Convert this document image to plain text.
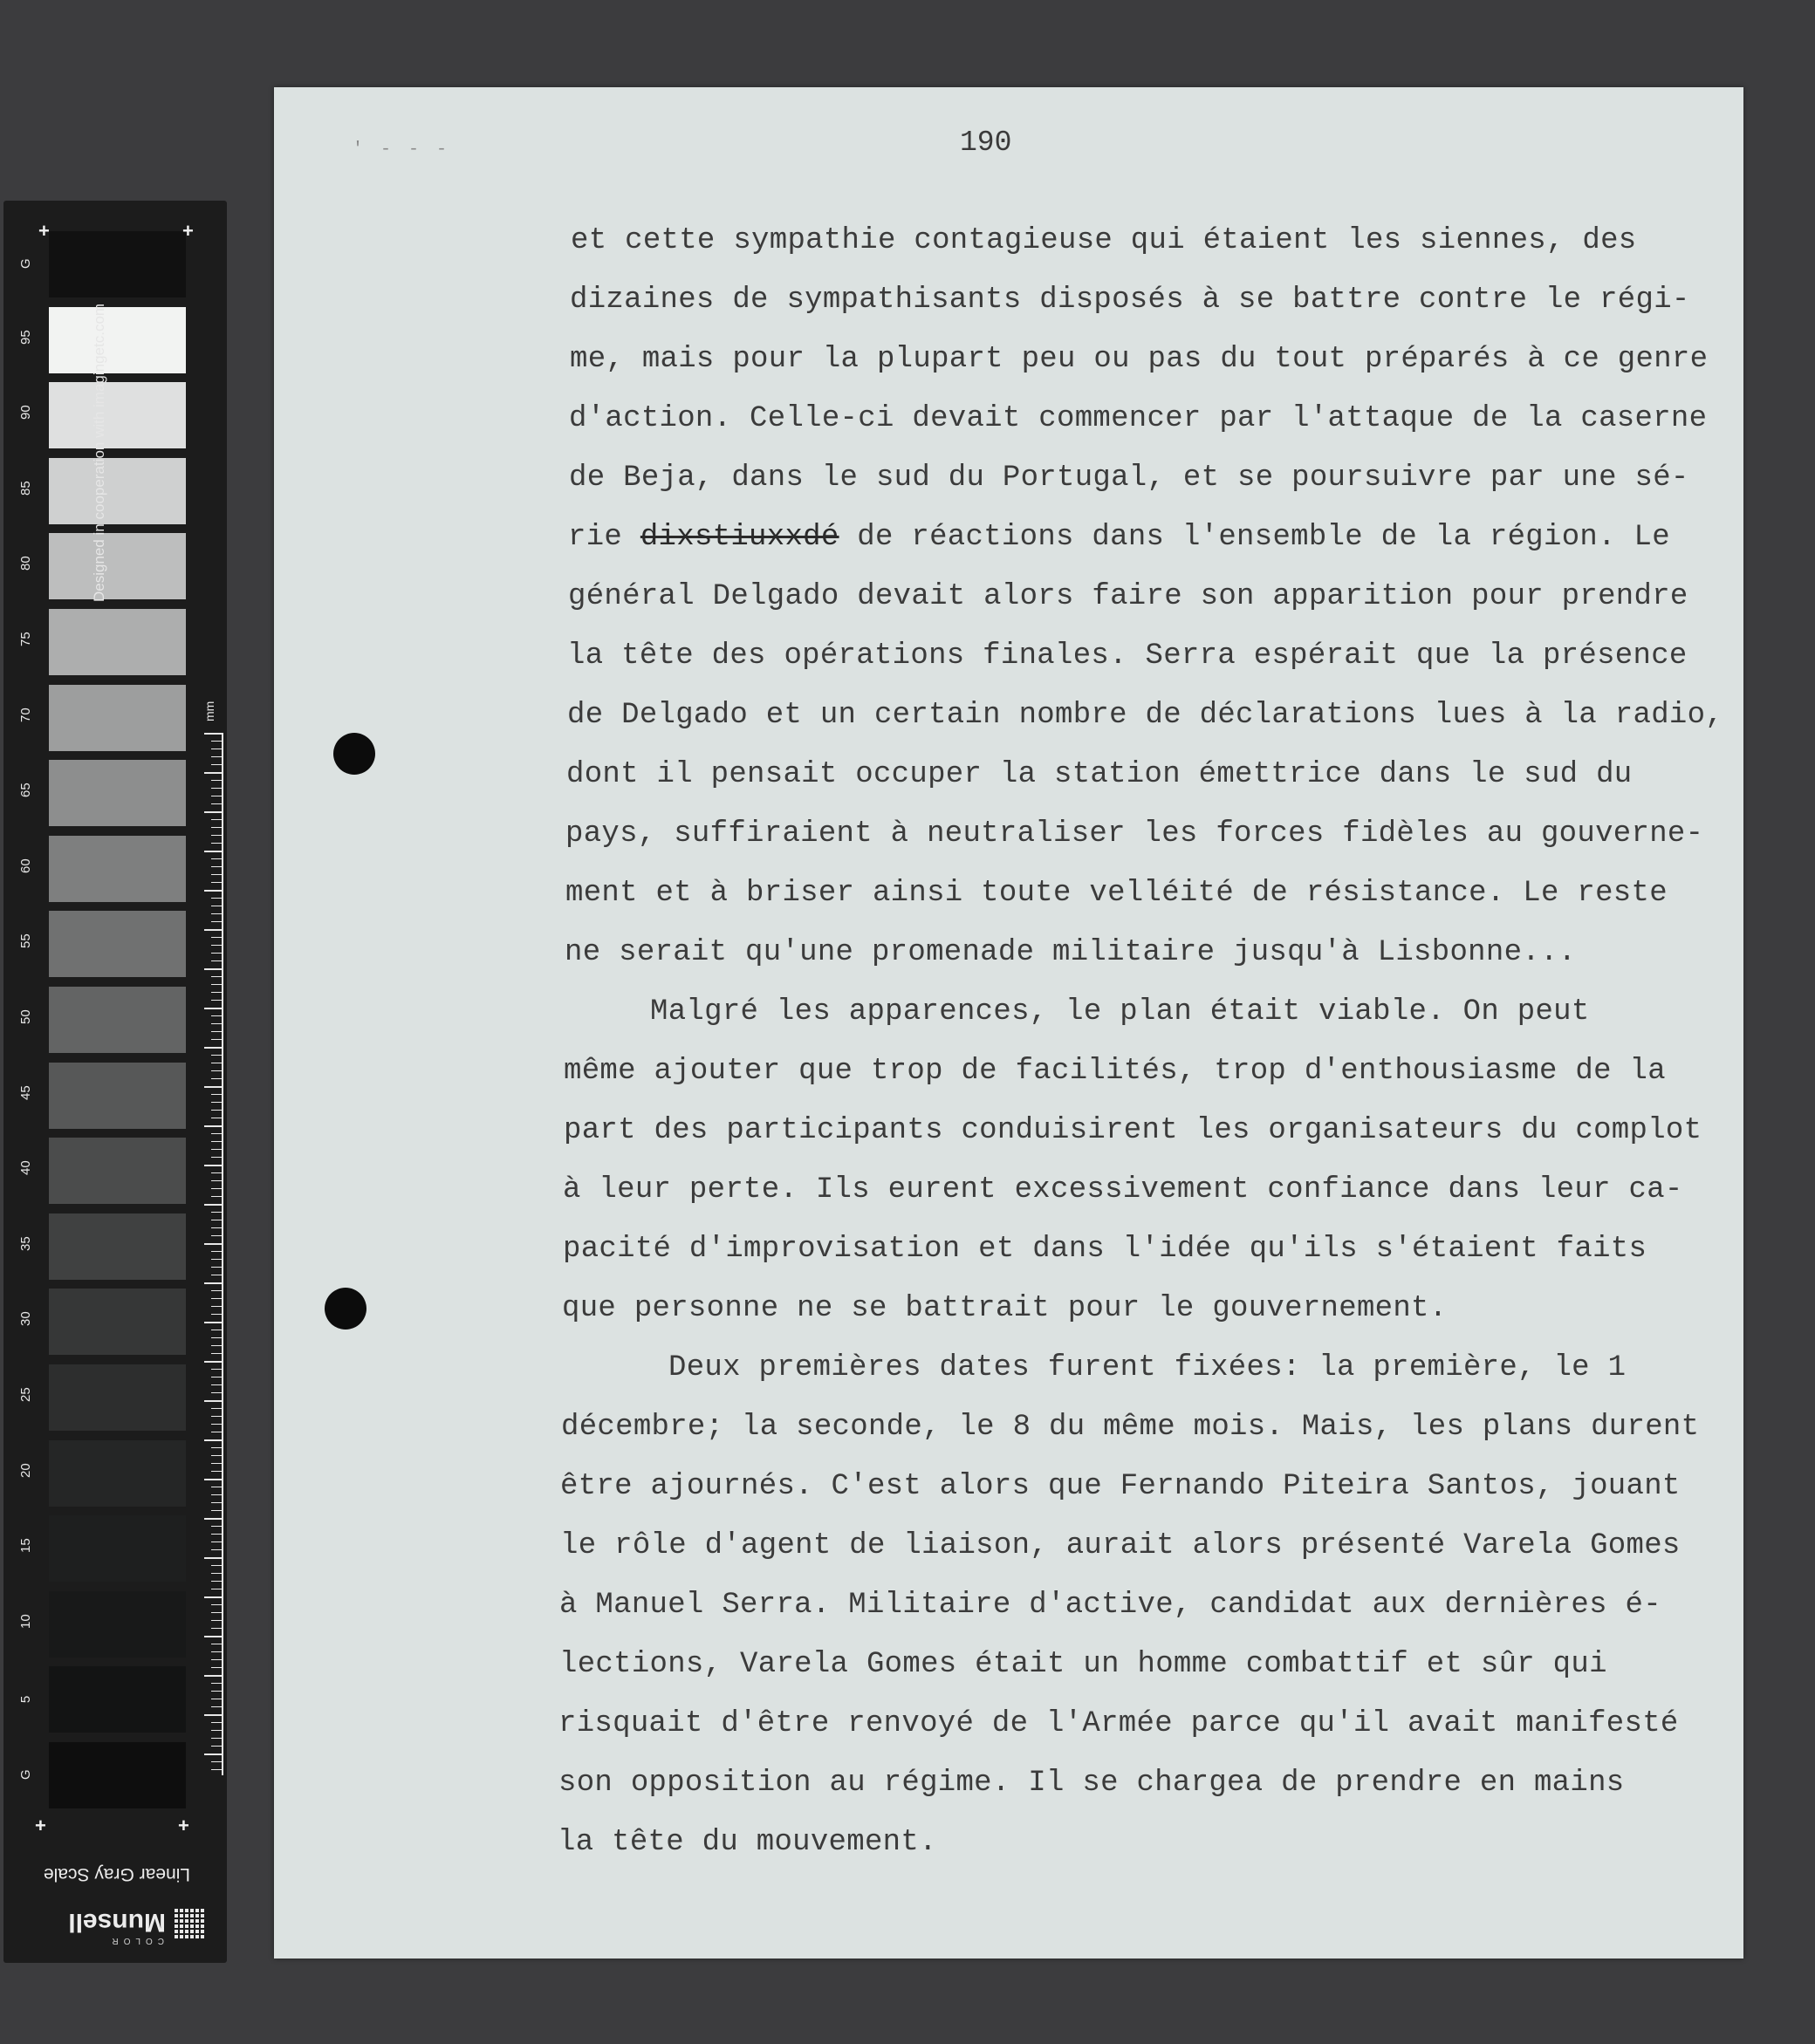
Designed in cooperation with imagingetc.com
mm
+	+
+	+
Linear Gray Scale
COLOR
Munsell
G
95
90
85
80
75
70
65
60
55
50
45
40
35
30
25
20
15
10
5
G
' - - -	190
et cette sympathie contagieuse qui étaient les siennes, des
dizaines de sympathisants disposés à se battre contre le régi-
me, mais pour la plupart peu ou pas du tout préparés à ce genre
d'action. Celle-ci devait commencer par l'attaque de la caserne
de Beja, dans le sud du Portugal, et se poursuivre par une sé-
rie dixstiuxxdé de réactions dans l'ensemble de la région. Le
général Delgado devait alors faire son apparition pour prendre
la tête des opérations finales. Serra espérait que la présence
de Delgado et un certain nombre de déclarations lues à la radio,
dont il pensait occuper la station émettrice dans le sud du
pays, suffiraient à neutraliser les forces fidèles au gouverne-
ment et à briser ainsi toute velléité de résistance. Le reste
ne serait qu'une promenade militaire jusqu'à Lisbonne...
Malgré les apparences, le plan était viable. On peut
même ajouter que trop de facilités, trop d'enthousiasme de la
part des participants conduisirent les organisateurs du complot
à leur perte. Ils eurent excessivement confiance dans leur ca-
pacité d'improvisation et dans l'idée qu'ils s'étaient faits
que personne ne se battrait pour le gouvernement.
Deux premières dates furent fixées: la première, le 1
décembre; la seconde, le 8 du même mois. Mais, les plans durent
être ajournés. C'est alors que Fernando Piteira Santos, jouant
le rôle d'agent de liaison, aurait alors présenté Varela Gomes
à Manuel Serra. Militaire d'active, candidat aux dernières é-
lections, Varela Gomes était un homme combattif et sûr qui
risquait d'être renvoyé de l'Armée parce qu'il avait manifesté
son opposition au régime. Il se chargea de prendre en mains
la tête du mouvement.
